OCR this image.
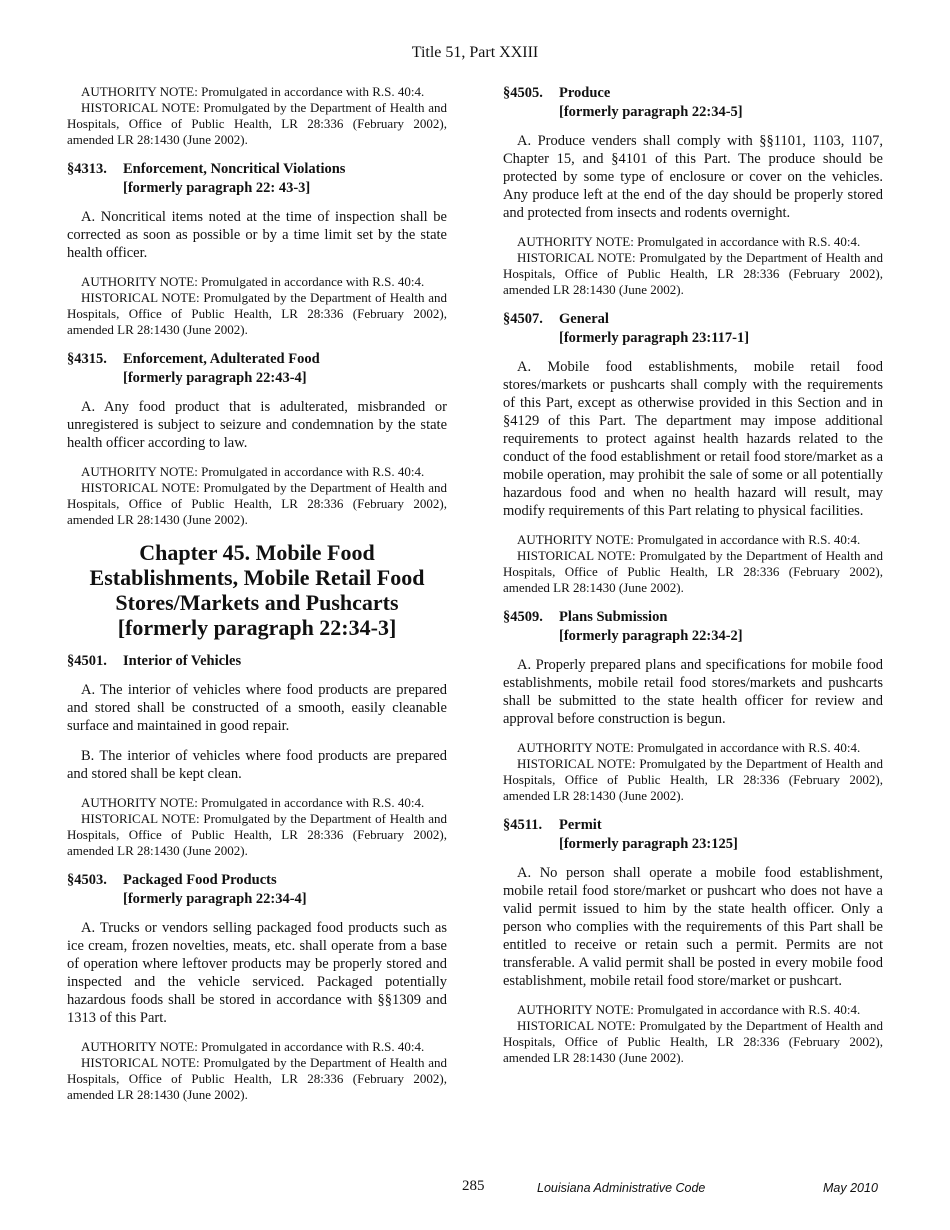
Title 51, Part XXIII

AUTHORITY NOTE: Promulgated in accordance with R.S. 40:4.

HISTORICAL NOTE: Promulgated by the Department of Health and Hospitals, Office of Public Health, LR 28:336 (February 2002), amended LR 28:1430 (June 2002).

§4313. Enforcement, Noncritical Violations
[formerly paragraph 22: 43-3]

A. Noncritical items noted at the time of inspection shall be corrected as soon as possible or by a time limit set by the state health officer.

AUTHORITY NOTE: Promulgated in accordance with R.S. 40:4.

HISTORICAL NOTE: Promulgated by the Department of Health and Hospitals, Office of Public Health, LR 28:336 (February 2002), amended LR 28:1430 (June 2002).

§4315. Enforcement, Adulterated Food
[formerly paragraph 22:43-4]

A. Any food product that is adulterated, misbranded or unregistered is subject to seizure and condemnation by the state health officer according to law.

AUTHORITY NOTE: Promulgated in accordance with R.S. 40:4.

HISTORICAL NOTE: Promulgated by the Department of Health and Hospitals, Office of Public Health, LR 28:336 (February 2002), amended LR 28:1430 (June 2002).

Chapter 45. Mobile Food
Establishments, Mobile Retail Food
Stores/Markets and Pushcarts
[formerly paragraph 22:34-3]
§4501. Interior of Vehicles

A. The interior of vehicles where food products are prepared and stored shall be constructed of a smooth, easily cleanable surface and maintained in good repair.

B. The interior of vehicles where food products are prepared and stored shall be kept clean.

AUTHORITY NOTE: Promulgated in accordance with R.S. 40:4.

HISTORICAL NOTE: Promulgated by the Department of Health and Hospitals, Office of Public Health, LR 28:336 (February 2002), amended LR 28:1430 (June 2002).

§4503. Packaged Food Products
[formerly paragraph 22:34-4]

A. Trucks or vendors selling packaged food products such as ice cream, frozen novelties, meats, etc. shall operate from a base of operation where leftover products may be properly stored and inspected and the vehicle serviced. Packaged potentially hazardous foods shall be stored in accordance with §§1309 and 1313 of this Part.

AUTHORITY NOTE: Promulgated in accordance with R.S. 40:4.

HISTORICAL NOTE: Promulgated by the Department of Health and Hospitals, Office of Public Health, LR 28:336 (February 2002), amended LR 28:1430 (June 2002).

§4505. Produce
[formerly paragraph 22:34-5]

A. Produce venders shall comply with §§1101, 1103, 1107, Chapter 15, and §4101 of this Part. The produce should be protected by some type of enclosure or cover on the vehicles. Any produce left at the end of the day should be properly stored and protected from insects and rodents overnight.

AUTHORITY NOTE: Promulgated in accordance with R.S. 40:4.

HISTORICAL NOTE: Promulgated by the Department of Health and Hospitals, Office of Public Health, LR 28:336 (February 2002), amended LR 28:1430 (June 2002).

§4507. General
[formerly paragraph 23:117-1]

A. Mobile food establishments, mobile retail food stores/markets or pushcarts shall comply with the requirements of this Part, except as otherwise provided in this Section and in §4129 of this Part. The department may impose additional requirements to protect against health hazards related to the conduct of the food establishment or retail food store/market as a mobile operation, may prohibit the sale of some or all potentially hazardous food and when no health hazard will result, may modify requirements of this Part relating to physical facilities.

AUTHORITY NOTE: Promulgated in accordance with R.S. 40:4.

HISTORICAL NOTE: Promulgated by the Department of Health and Hospitals, Office of Public Health, LR 28:336 (February 2002), amended LR 28:1430 (June 2002).

§4509. Plans Submission
[formerly paragraph 22:34-2]

A. Properly prepared plans and specifications for mobile food establishments, mobile retail food stores/markets and pushcarts shall be submitted to the state health officer for review and approval before construction is begun.

AUTHORITY NOTE: Promulgated in accordance with R.S. 40:4.

HISTORICAL NOTE: Promulgated by the Department of Health and Hospitals, Office of Public Health, LR 28:336 (February 2002), amended LR 28:1430 (June 2002).

§4511. Permit
[formerly paragraph 23:125]

A. No person shall operate a mobile food establishment, mobile retail food store/market or pushcart who does not have a valid permit issued to him by the state health officer. Only a person who complies with the requirements of this Part shall be entitled to receive or retain such a permit. Permits are not transferable. A valid permit shall be posted in every mobile food establishment, mobile retail food store/market or pushcart.

AUTHORITY NOTE: Promulgated in accordance with R.S. 40:4.

HISTORICAL NOTE: Promulgated by the Department of Health and Hospitals, Office of Public Health, LR 28:336 (February 2002), amended LR 28:1430 (June 2002).

285	Louisiana Administrative Code	May 2010
